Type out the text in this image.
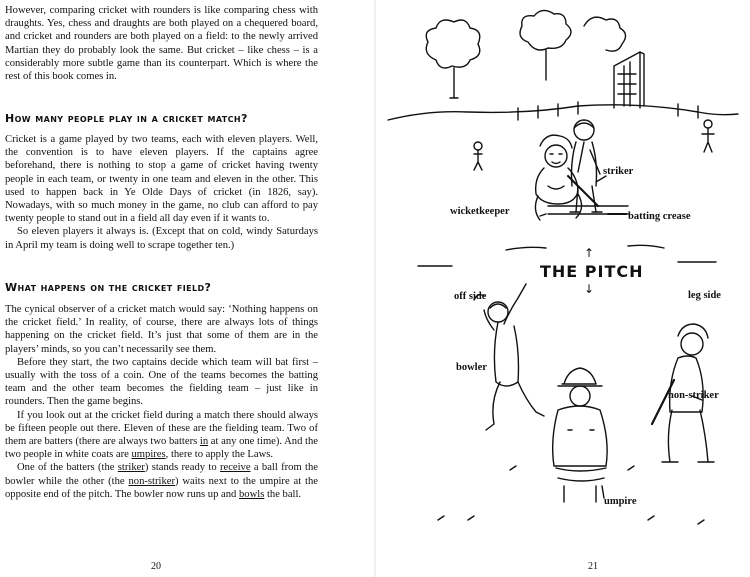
However, comparing cricket with rounders is like comparing chess with draughts. Yes, chess and draughts are both played on a chequered board, and cricket and rounders are both played on a field: to the newly arrived Martian they do probably look the same. But cricket – like chess – is a considerably more subtle game than its counterpart. Which is where the rest of this book comes in.

How many people play in a cricket match?

Cricket is a game played by two teams, each with eleven players. Well, the convention is to have eleven players. If the captains agree beforehand, there is nothing to stop a game of cricket having twenty people in each team, or twenty in one team and eleven in the other. This used to happen back in Ye Olde Days of cricket (in 1826, say). Nowadays, with so much money in the game, no club can afford to pay twenty people to stand out in a field all day even if it wants to.

So eleven players it always is. (Except that on cold, windy Saturdays in April my team is doing well to scrape together ten.)

What happens on the cricket field?

The cynical observer of a cricket match would say: ‘Nothing happens on the cricket field.’ In reality, of course, there are always lots of things happening on the cricket field. It’s just that some of them are in the players’ minds, so you can’t necessarily see them.

Before they start, the two captains decide which team will bat first – usually with the toss of a coin. One of the teams becomes the batting team and the other team becomes the fielding team – just like in rounders. Then the game begins.

If you look out at the cricket field during a match there should always be fifteen people out there. Eleven of these are the fielding team. Two of them are batters (there are always two batters in at any one time). And the two people in white coats are umpires, there to apply the Laws.

One of the batters (the striker) stands ready to receive a ball from the bowler while the other (the non-striker) waits next to the umpire at the opposite end of the pitch. The bowler now runs up and bowls the ball.

20
striker
wicketkeeper	batting crease
↑
THE PITCH
↓
off side	leg side
bowler
non-striker
umpire
21
